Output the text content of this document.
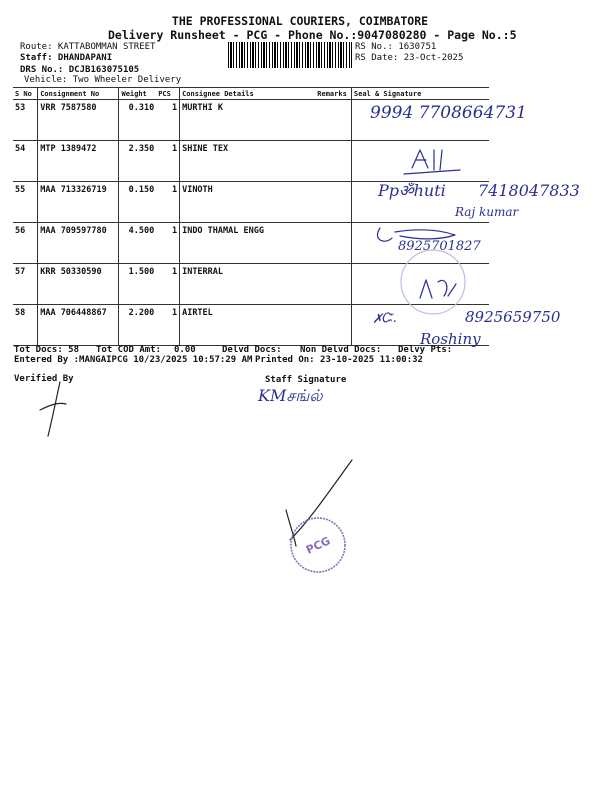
THE PROFESSIONAL COURIERS, COIMBATORE
Delivery Runsheet - PCG - Phone No.:9047080280 - Page No.:5
Route: KATTABOMMAN STREET
Staff: DHANDAPANI
DRS No.: DCJB163075105
Vehicle: Two Wheeler Delivery
RS No.: 1630751
RS Date: 23-Oct-2025
S No	Consignment No	Weight	PCS	Consignee Details	Remarks	Seal & Signature
53	VRR 7587580	0.310	1	MURTHI K		
54	MTP 1389472	2.350	1	SHINE TEX		
55	MAA 713326719	0.150	1	VINOTH		
56	MAA 709597780	4.500	1	INDO THAMAL ENGG		
57	KRR 50330590	1.500	1	INTERRAL		
58	MAA 706448867	2.200	1	AIRTEL		
Tot Docs: 58 Tot COD Amt: 0.00	Delvd Docs: Non Delvd Docs: Delvy Pts:
Entered By :MANGAIPCG 10/23/2025 10:57:29 AM Printed On: 23-10-2025 11:00:32
Verified By	Staff Signature
9994 7708664731
Ppॐhuti 7418047833
Raj kumar
8925701827
✗Ꮸ.	8925659750
Roshiny
KMசங்ல்
PCG
